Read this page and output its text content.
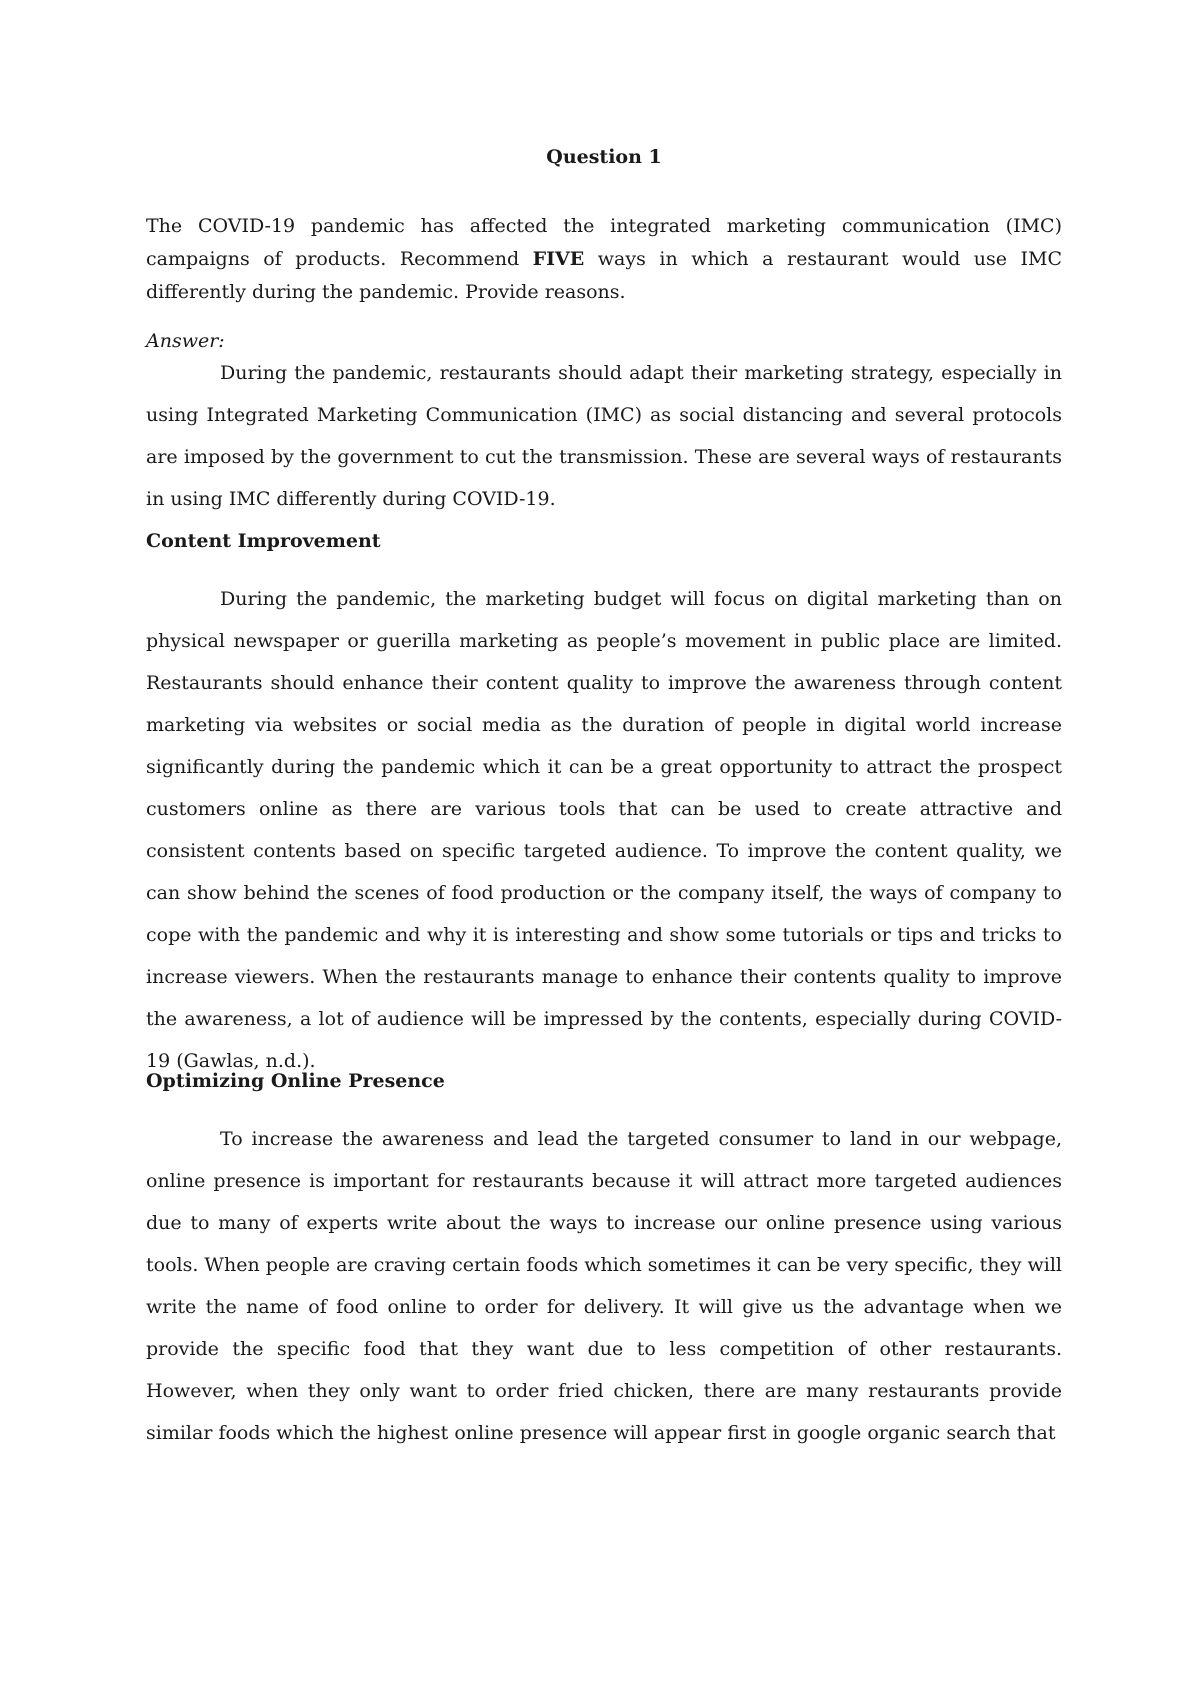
Question 1
The COVID-19 pandemic has affected the integrated marketing communication (IMC) campaigns of products. Recommend FIVE ways in which a restaurant would use IMC differently during the pandemic. Provide reasons.
Answer:

During the pandemic, restaurants should adapt their marketing strategy, especially in using Integrated Marketing Communication (IMC) as social distancing and several protocols are imposed by the government to cut the transmission. These are several ways of restaurants in using IMC differently during COVID-19.

Content Improvement

During the pandemic, the marketing budget will focus on digital marketing than on physical newspaper or guerilla marketing as people’s movement in public place are limited. Restaurants should enhance their content quality to improve the awareness through content marketing via websites or social media as the duration of people in digital world increase significantly during the pandemic which it can be a great opportunity to attract the prospect customers online as there are various tools that can be used to create attractive and consistent contents based on specific targeted audience. To improve the content quality, we can show behind the scenes of food production or the company itself, the ways of company to cope with the pandemic and why it is interesting and show some tutorials or tips and tricks to increase viewers. When the restaurants manage to enhance their contents quality to improve the awareness, a lot of audience will be impressed by the contents, especially during COVID-19 (Gawlas, n.d.).

Optimizing Online Presence

To increase the awareness and lead the targeted consumer to land in our webpage, online presence is important for restaurants because it will attract more targeted audiences due to many of experts write about the ways to increase our online presence using various tools. When people are craving certain foods which sometimes it can be very specific, they will write the name of food online to order for delivery. It will give us the advantage when we provide the specific food that they want due to less competition of other restaurants. However, when they only want to order fried chicken, there are many restaurants provide similar foods which the highest online presence will appear first in google organic search that
